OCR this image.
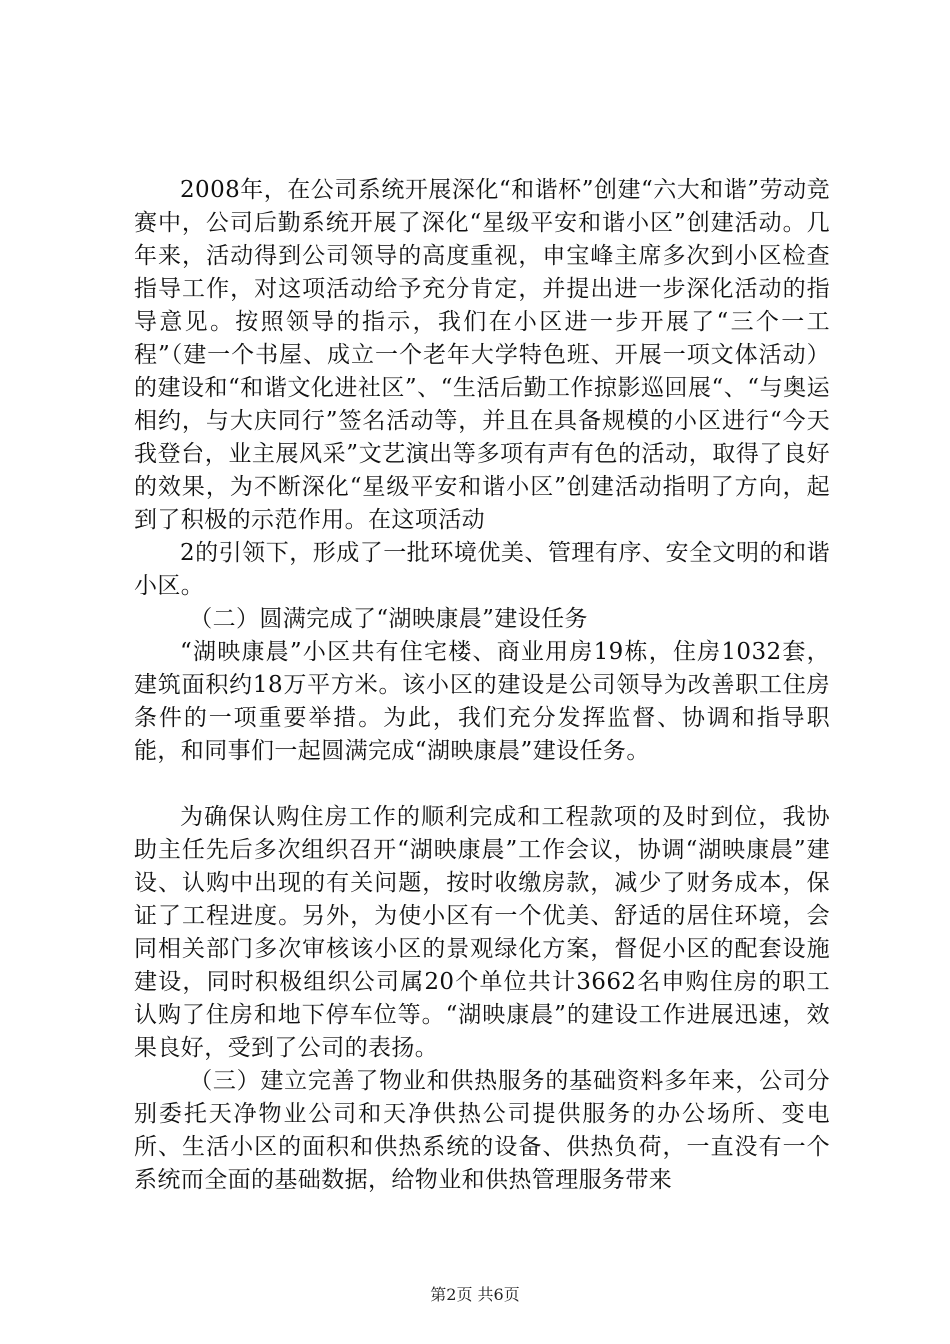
2008年，在公司系统开展深化“和谐杯”创建“六大和谐”劳动竞赛中，公司后勤系统开展了深化“星级平安和谐小区”创建活动。几年来，活动得到公司领导的高度重视，申宝峰主席多次到小区检查指导工作，对这项活动给予充分肯定，并提出进一步深化活动的指导意见。按照领导的指示，我们在小区进一步开展了“三个一工程”（建一个书屋、成立一个老年大学特色班、开展一项文体活动）的建设和“和谐文化进社区”、“生活后勤工作掠影巡回展“、“与奥运相约，与大庆同行”签名活动等，并且在具备规模的小区进行“今天我登台，业主展风采”文艺演出等多项有声有色的活动，取得了良好的效果，为不断深化“星级平安和谐小区”创建活动指明了方向，起到了积极的示范作用。在这项活动

2的引领下，形成了一批环境优美、管理有序、安全文明的和谐小区。

（二）圆满完成了“湖映康晨”建设任务

“湖映康晨”小区共有住宅楼、商业用房19栋，住房1032套，建筑面积约18万平方米。该小区的建设是公司领导为改善职工住房条件的一项重要举措。为此，我们充分发挥监督、协调和指导职能，和同事们一起圆满完成“湖映康晨”建设任务。

为确保认购住房工作的顺利完成和工程款项的及时到位，我协助主任先后多次组织召开“湖映康晨”工作会议，协调“湖映康晨”建设、认购中出现的有关问题，按时收缴房款，减少了财务成本，保证了工程进度。另外，为使小区有一个优美、舒适的居住环境，会同相关部门多次审核该小区的景观绿化方案，督促小区的配套设施建设，同时积极组织公司属20个单位共计3662名申购住房的职工认购了住房和地下停车位等。“湖映康晨”的建设工作进展迅速，效果良好，受到了公司的表扬。

（三）建立完善了物业和供热服务的基础资料多年来，公司分别委托天净物业公司和天净供热公司提供服务的办公场所、变电所、生活小区的面积和供热系统的设备、供热负荷，一直没有一个系统而全面的基础数据，给物业和供热管理服务带来

第2页 共6页
